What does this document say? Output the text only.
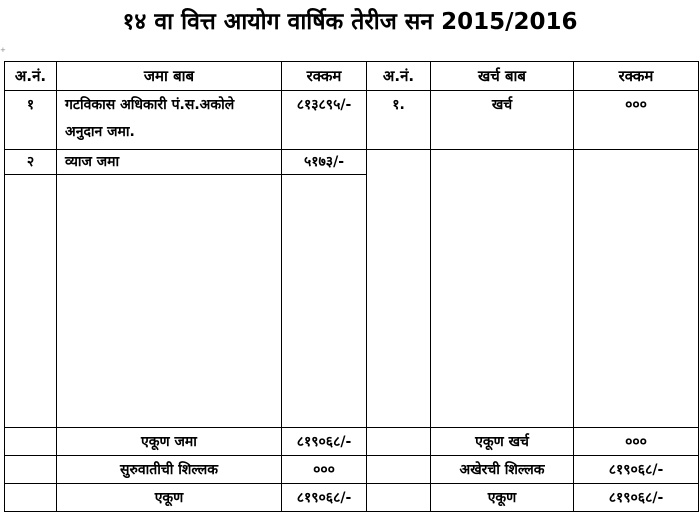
१४ वा वित्त आयोग वार्षिक तेरीज सन 2015/2016
+
अ.नं.	जमा बाब	रक्कम	अ.नं.	खर्च बाब	रक्कम
१	गटविकास अधिकारी पं.स.अकोले अनुदान जमा.	८१३८९५/-	१.	खर्च	०००
२	व्याज जमा	५१७३/-			

	एकूण जमा	८१९०६८/-		एकूण खर्च	०००
	सुरुवातीची शिल्लक	०००		अखेरची शिल्लक	८१९०६८/-
	एकूण	८१९०६८/-		एकूण	८१९०६८/-
